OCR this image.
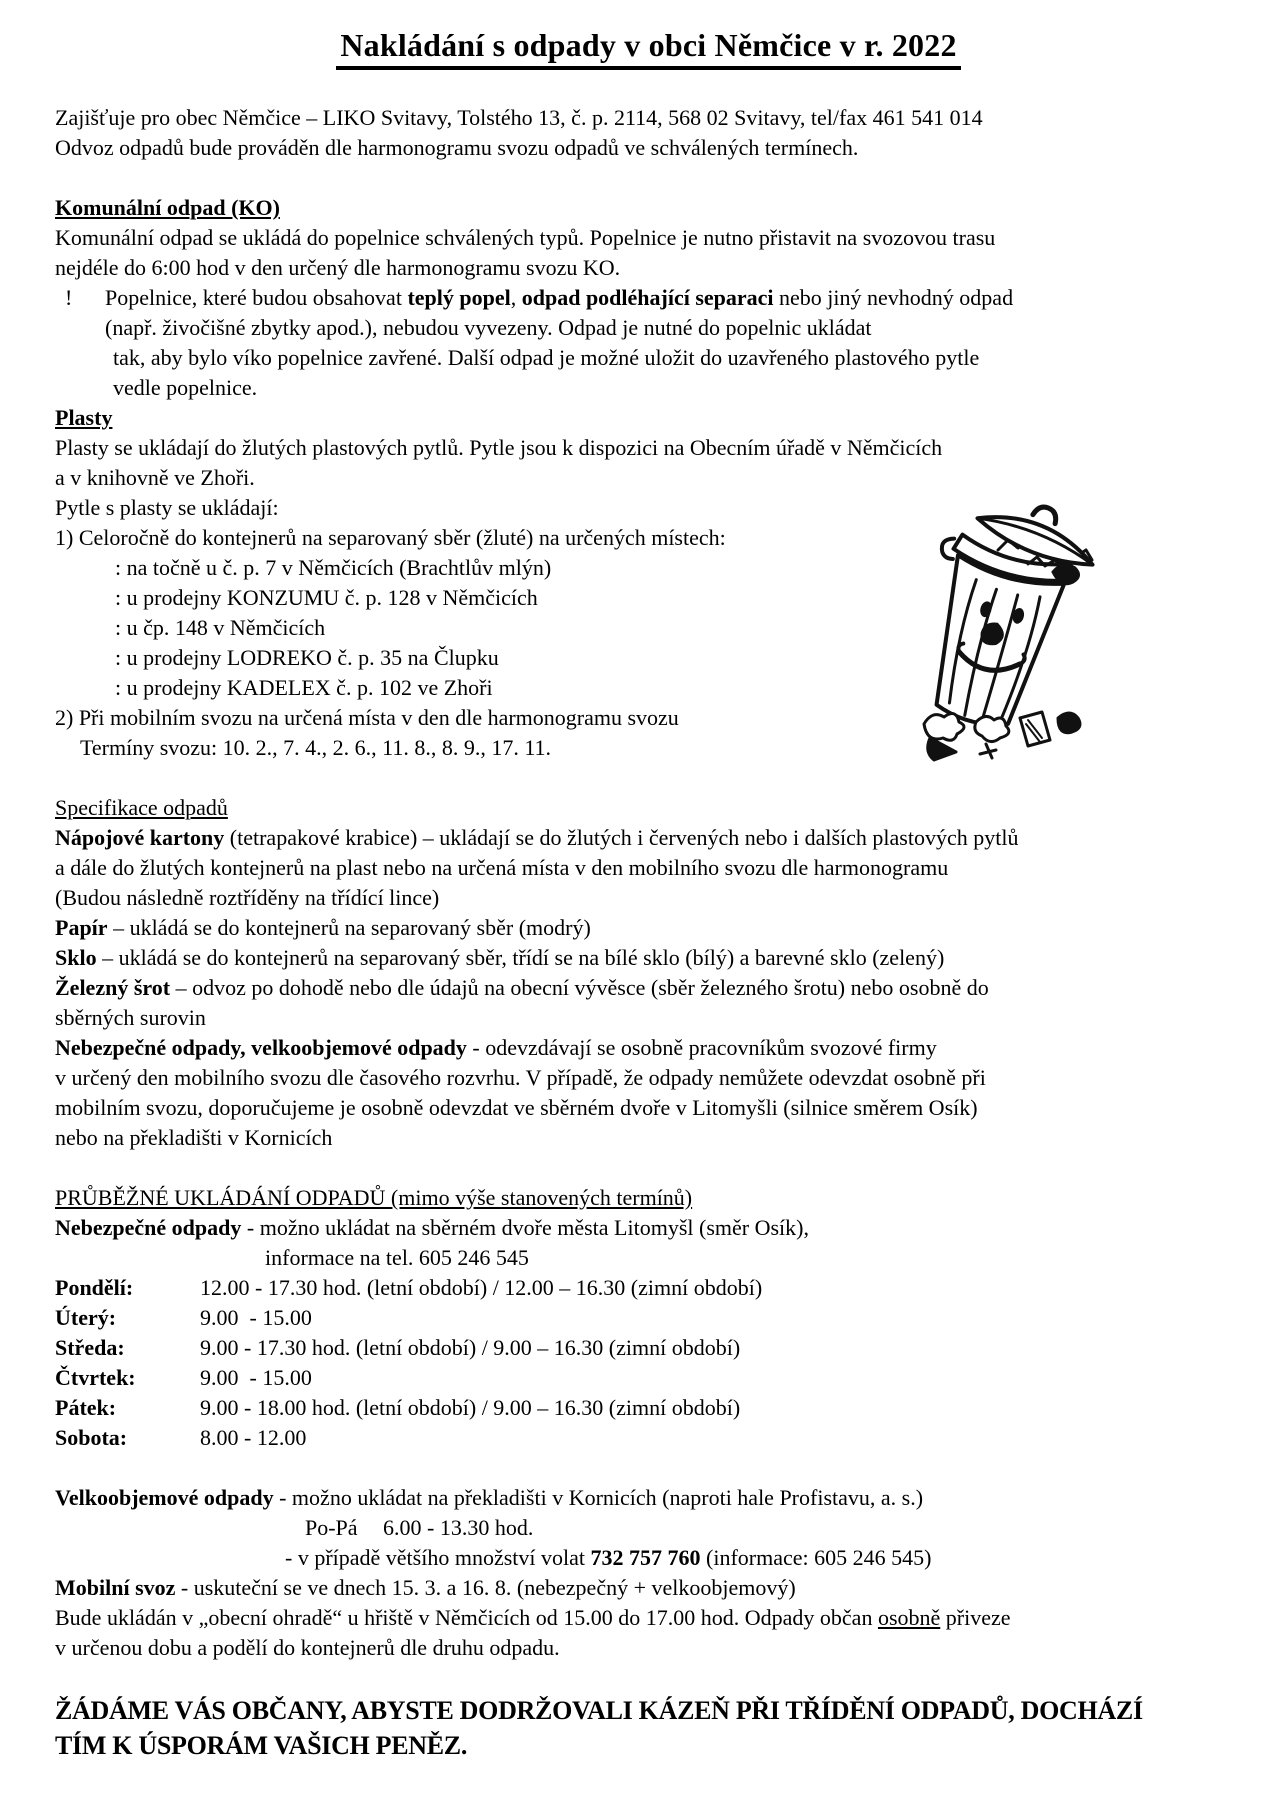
Nakládání s odpady v obci Němčice v r. 2022
Zajišťuje pro obec Němčice – LIKO Svitavy, Tolstého 13, č. p. 2114, 568 02 Svitavy, tel/fax 461 541 014
Odvoz odpadů bude prováděn dle harmonogramu svozu odpadů ve schválených termínech.
Komunální odpad (KO)
Komunální odpad se ukládá do popelnice schválených typů. Popelnice je nutno přistavit na svozovou trasu
nejdéle do 6:00 hod v den určený dle harmonogramu svozu KO.
! Popelnice, které budou obsahovat teplý popel, odpad podléhající separaci nebo jiný nevhodný odpad
(např. živočišné zbytky apod.), nebudou vyvezeny. Odpad je nutné do popelnic ukládat
tak, aby bylo víko popelnice zavřené. Další odpad je možné uložit do uzavřeného plastového pytle
vedle popelnice.
Plasty
Plasty se ukládají do žlutých plastových pytlů. Pytle jsou k dispozici na Obecním úřadě v Němčicích
a v knihovně ve Zhoři.
Pytle s plasty se ukládají:
1) Celoročně do kontejnerů na separovaný sběr (žluté) na určených místech:
: na točně u č. p. 7 v Němčicích (Brachtlův mlýn)
: u prodejny KONZUMU č. p. 128 v Němčicích
: u čp. 148 v Němčicích
: u prodejny LODREKO č. p. 35 na Člupku
: u prodejny KADELEX č. p. 102 ve Zhoři
2) Při mobilním svozu na určená místa v den dle harmonogramu svozu
Termíny svozu: 10. 2., 7. 4., 2. 6., 11. 8., 8. 9., 17. 11.
Specifikace odpadů
Nápojové kartony (tetrapakové krabice) – ukládají se do žlutých i červených nebo i dalších plastových pytlů
a dále do žlutých kontejnerů na plast nebo na určená místa v den mobilního svozu dle harmonogramu
(Budou následně roztříděny na třídící lince)
Papír – ukládá se do kontejnerů na separovaný sběr (modrý)
Sklo – ukládá se do kontejnerů na separovaný sběr, třídí se na bílé sklo (bílý) a barevné sklo (zelený)
Železný šrot – odvoz po dohodě nebo dle údajů na obecní vývěsce (sběr železného šrotu) nebo osobně do
sběrných surovin
Nebezpečné odpady, velkoobjemové odpady - odevzdávají se osobně pracovníkům svozové firmy
v určený den mobilního svozu dle časového rozvrhu. V případě, že odpady nemůžete odevzdat osobně při
mobilním svozu, doporučujeme je osobně odevzdat ve sběrném dvoře v Litomyšli (silnice směrem Osík)
nebo na překladišti v Kornicích
PRŮBĚŽNÉ UKLÁDÁNÍ ODPADŮ (mimo výše stanovených termínů)
Nebezpečné odpady - možno ukládat na sběrném dvoře města Litomyšl (směr Osík),
informace na tel. 605 246 545
Pondělí:	12.00 - 17.30 hod. (letní období) / 12.00 – 16.30 (zimní období)
Úterý:	9.00  - 15.00
Středa:	9.00 - 17.30 hod. (letní období) / 9.00 – 16.30 (zimní období)
Čtvrtek:	9.00  - 15.00
Pátek:	9.00 - 18.00 hod. (letní období) / 9.00 – 16.30 (zimní období)
Sobota:	8.00 - 12.00
Velkoobjemové odpady - možno ukládat na překladišti v Kornicích (naproti hale Profistavu, a. s.)
Po-Pá 6.00 - 13.30 hod.
- v případě většího množství volat 732 757 760 (informace: 605 246 545)
Mobilní svoz - uskuteční se ve dnech 15. 3. a 16. 8. (nebezpečný + velkoobjemový)
Bude ukládán v „obecní ohradě“ u hřiště v Němčicích od 15.00 do 17.00 hod. Odpady občan osobně přiveze
v určenou dobu a podělí do kontejnerů dle druhu odpadu.
ŽÁDÁME VÁS OBČANY, ABYSTE DODRŽOVALI KÁZEŇ PŘI TŘÍDĚNÍ ODPADŮ, DOCHÁZÍ
TÍM K ÚSPORÁM VAŠICH PENĚZ.
